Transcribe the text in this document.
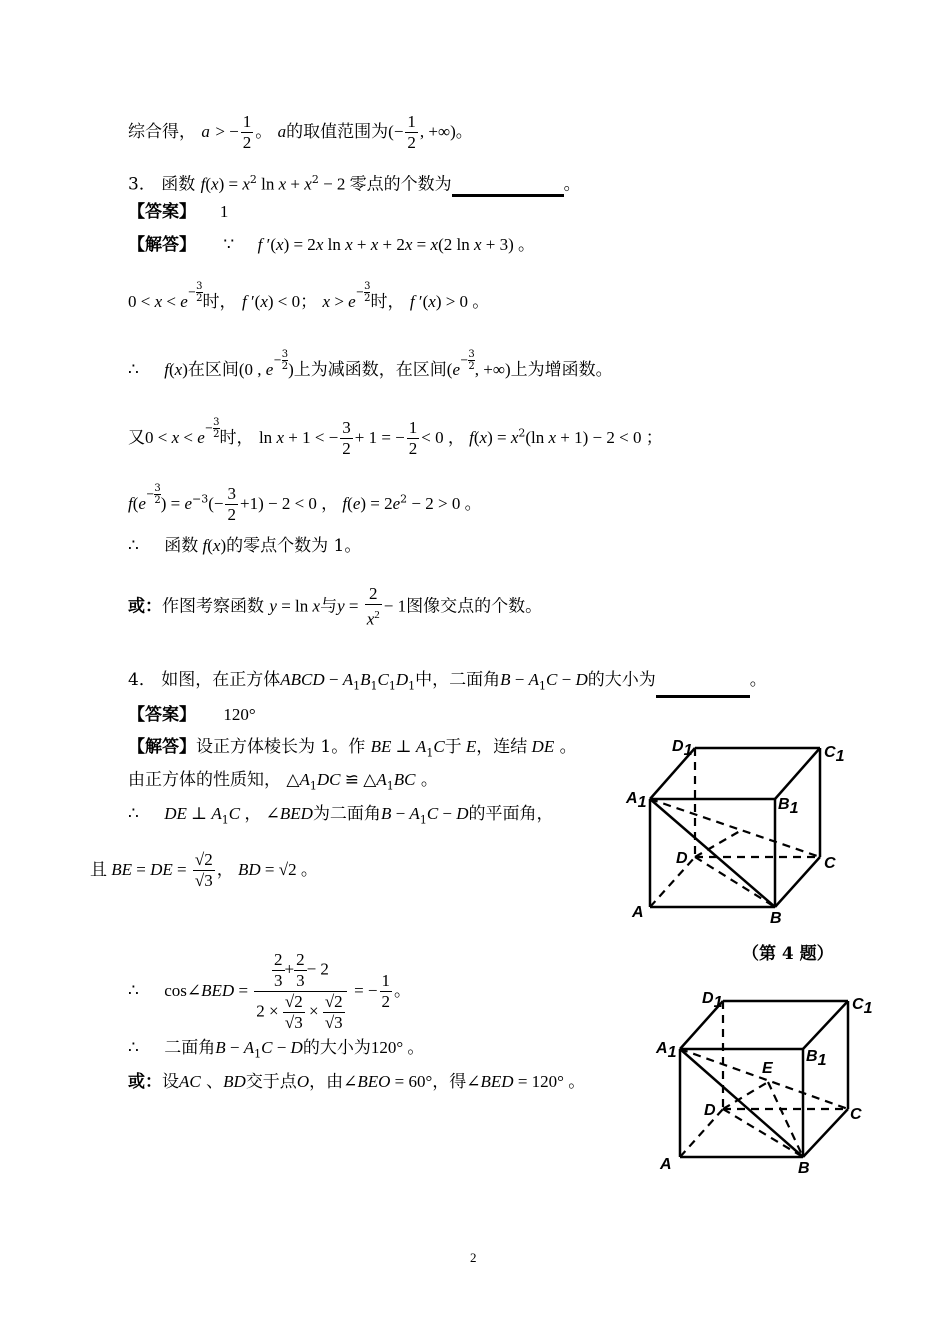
综合得， a > − $\frac{1}{2}$ 。 a的取值范围为(− $\frac{1}{2}$ , +∞)。
3． 函数 $f(x) = x^2$ $\ln x + x^2 - 2$ 零点的个数为	。
【答案】 1
【解答】 ∵ f ′(x) = 2x ln x + x + 2x = x(2 ln x + 3) 。
$0 < x < e- \frac{3}{2}$ 时， f ′(x) < 0； $x > e- \frac{3}{2}$ 时， f ′(x) > 0 。
∴ f(x)在区间(0 , $e- \frac{3}{2}$ )上为减函数，在区间($e- \frac{3}{2}$ , +∞)上为增函数。
又$0 < x < e- \frac{3}{2}$ 时， ln x + 1 < − $\frac{3}{2} + 1$ = − $\frac{1}{2} < 0$ ， $f(x) = x^2(\ln$ x + 1) − 2 < 0 ；
$f(e- \frac{3}{2}$ ) = $e^{-3}(- \frac{3}{2} +1) - 2 < 0$ ， $f(e) = 2e^2 - 2 > 0$ 。
∴ 函数 f(x)的零点个数为 1。
或：作图考察函数 y = ln x与$y = \frac{2}{x^2} - 1$图像交点的个数。
4． 如图，在正方体ABCD − $A_1B_1C_1D_1$中，二面角$B - A_1C - D$的大小为	。
【答案】 120°
【解答】设正方体棱长为 1。作 BE ⊥ $A_1C$于 E，连结 DE 。
由正方体的性质知， $\triangle A_1DC$ ≌ $\triangle A_1BC$ 。
∴ DE ⊥ $A_1C$ ， ∠BED为二面角$B - A_1C - D$的平面角，
且 BE = DE = $\frac{√2}{√3}$ ， BD = √2 。
∴ cos∠BED = $\frac{\frac{2}{3} + \frac{2}{3} - 2}{2 \times \frac{√2}{√3} \times \frac{√2}{√3}}$ = − $\frac{1}{2}$ 。
∴ 二面角$B - A_1C - D$的大小为120° 。
或：设AC 、BD交于点O，由∠BEO = 60°，得∠BED = 120° 。
D1	C1
A1	B1
D	C
A	B
（第 4 题）
D1	C1
A1	B1
E
D	C
A	B
2
